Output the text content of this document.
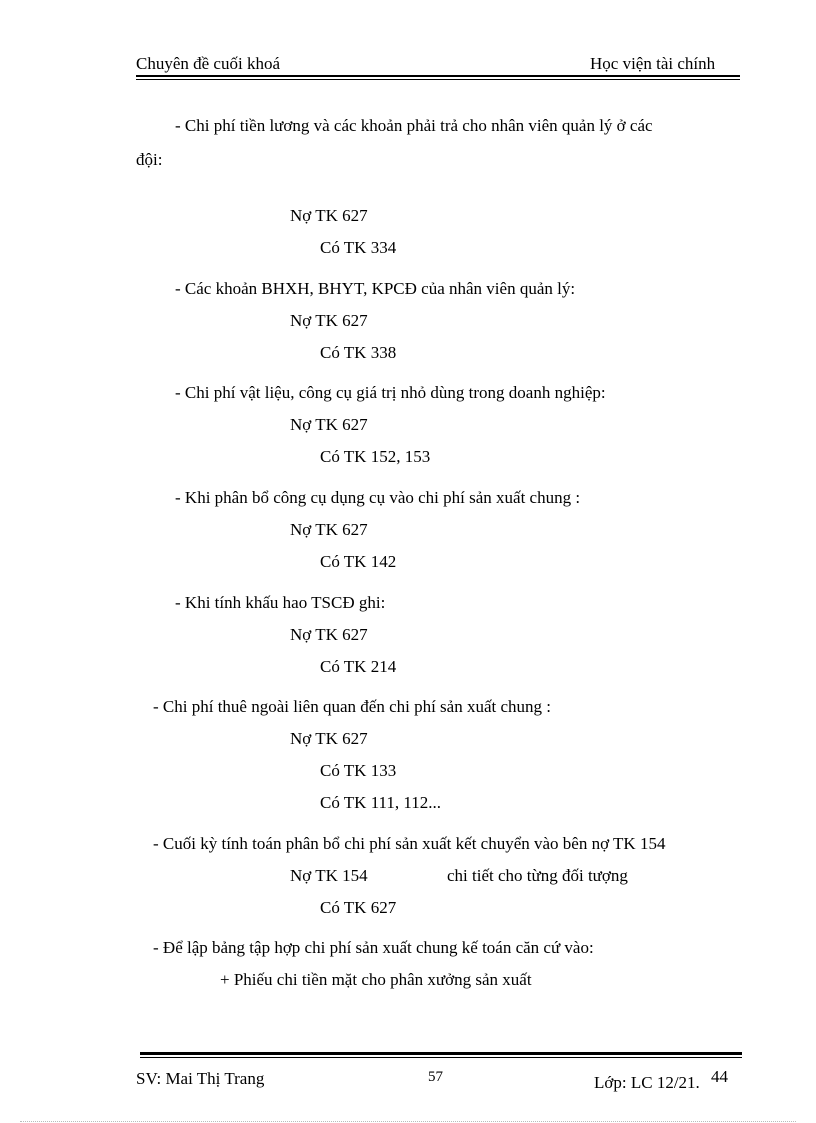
Chuyên đề cuối khoá	Học viện tài chính
- Chi phí tiền lương và các khoản phải trả cho nhân viên quản lý ở các
đội:
Nợ TK 627
Có TK 334
- Các khoản BHXH, BHYT, KPCĐ của nhân viên quản lý:
Nợ TK 627
Có TK 338
- Chi phí vật liệu, công cụ giá trị nhỏ dùng trong doanh nghiệp:
Nợ TK 627
Có TK 152, 153
- Khi phân bổ công cụ dụng cụ vào chi phí sản xuất chung :
Nợ TK 627
Có TK 142
- Khi tính khấu hao TSCĐ ghi:
Nợ TK 627
Có TK 214
- Chi phí thuê ngoài liên quan đến chi phí sản xuất chung :
Nợ TK 627
Có TK 133
Có TK 111, 112...
- Cuối kỳ tính toán phân bổ chi phí sản xuất kết chuyển vào bên nợ TK 154
Nợ TK 154	chi tiết cho từng đối tượng
Có TK 627
- Để lập bảng tập hợp chi phí sản xuất chung kế toán căn cứ vào:
+ Phiếu chi tiền mặt cho phân xưởng sản xuất
SV: Mai Thị Trang	57	Lớp: LC 12/21. 44
